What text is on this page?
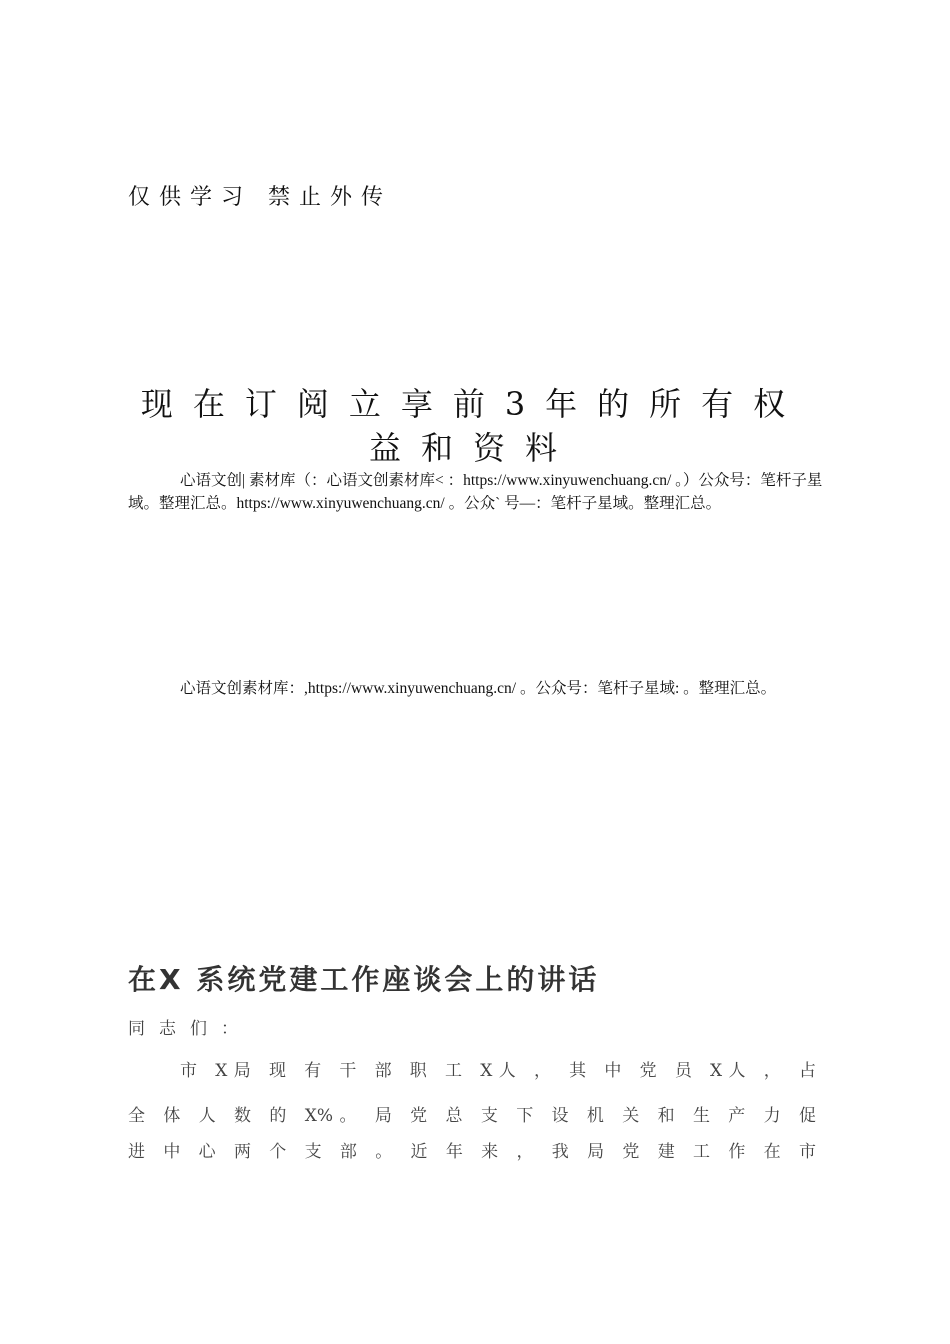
仅供学习 禁止外传
现在订阅立享前3年的所有权益和资料
心语文创| 素材库（：心语文创素材库< ：https://www.xinyuwenchuang.cn/ 。）公众号：笔杆子星域。整理汇总。https://www.xinyuwenchuang.cn/ 。公众` 号—：笔杆子星域。整理汇总。
心语文创素材库：,https://www.xinyuwenchuang.cn/ 。公众号：笔杆子星域: 。整理汇总。
在X 系统党建工作座谈会上的讲话
同志们：
市 X局 现 有 干 部 职 工 X人 ， 其 中 党 员 X人 ， 占
全 体 人 数 的 X%。 局 党 总 支 下 设 机 关 和 生 产 力 促
进 中 心 两 个 支 部 。 近 年 来 ， 我 局 党 建 工 作 在 市
